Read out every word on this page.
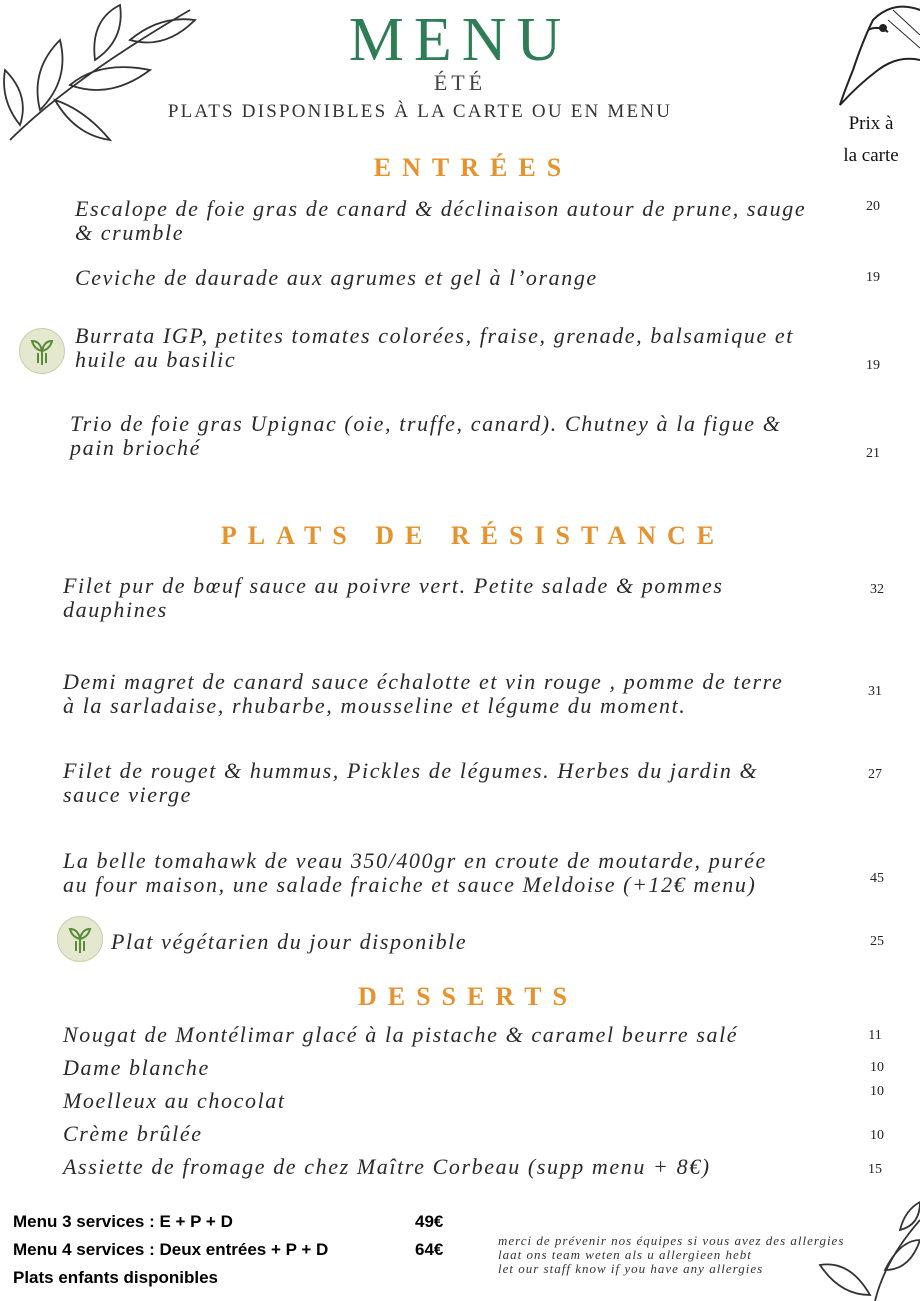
MENU
ÉTÉ
PLATS DISPONIBLES À LA CARTE OU EN MENU
Prix à
la carte
ENTRÉES
Escalope de foie gras de canard & déclinaison autour de prune, sauge
& crumble
20
Ceviche de daurade aux agrumes et gel à l’orange	19
Burrata IGP, petites tomates colorées, fraise, grenade, balsamique et
huile au basilic	19
Trio de foie gras Upignac (oie, truffe, canard). Chutney à la figue &
pain brioché	21
PLATS DE RÉSISTANCE
Filet pur de bœuf sauce au poivre vert. Petite salade & pommes
dauphines
32
Demi magret de canard sauce échalotte et vin rouge , pomme de terre
à la sarladaise, rhubarbe, mousseline et légume du moment.
31
Filet de rouget & hummus, Pickles de légumes. Herbes du jardin &
sauce vierge
27
La belle tomahawk de veau 350/400gr en croute de moutarde, purée
au four maison, une salade fraiche et sauce Meldoise (+12€ menu)	45
Plat végétarien du jour disponible	25
DESSERTS
Nougat de Montélimar glacé à la pistache & caramel beurre salé	11
Dame blanche	10
Moelleux au chocolat	10
Crème brûlée	10
Assiette de fromage de chez Maître Corbeau (supp menu + 8€)	15
Menu 3 services : E + P + D	49€
Menu 4 services : Deux entrées + P + D	64€
Plats enfants disponibles
merci de prévenir nos équipes si vous avez des allergies
laat ons team weten als u allergieen hebt
let our staff know if you have any allergies
